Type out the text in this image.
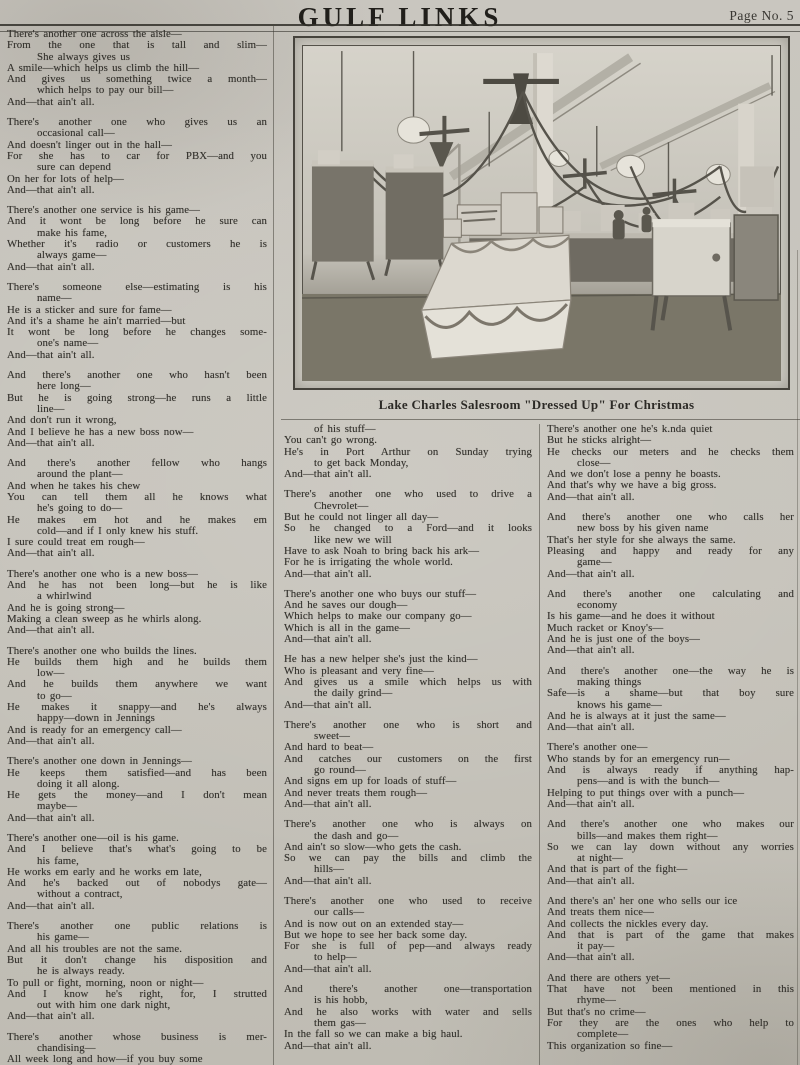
GULF LINKS	Page No. 5
Lake Charles Salesroom "Dressed Up" For Christmas
There's another one across the aisle—
From the one that is tall and slim—
She always gives us
A smile—which helps us climb the hill—
And gives us something twice a month—
which helps to pay our bill—
And—that ain't all.
There's another one who gives us an
occasional call—
And doesn't linger out in the hall—
For she has to car for PBX—and you
sure can depend
On her for lots of help—
And—that ain't all.
There's another one service is his game—
And it wont be long before he sure can
make his fame,
Whether it's radio or customers he is
always game—
And—that ain't all.
There's someone else—estimating is his
name—
He is a sticker and sure for fame—
And it's a shame he ain't married—but
It wont be long before he changes some-
one's name—
And—that ain't all.
And there's another one who hasn't been
here long—
But he is going strong—he runs a little
line—
And don't run it wrong,
And I believe he has a new boss now—
And—that ain't all.
And there's another fellow who hangs
around the plant—
And when he takes his chew
You can tell them all he knows what
he's going to do—
He makes em hot and he makes em
cold—and if I only knew his stuff.
I sure could treat em rough—
And—that ain't all.
There's another one who is a new boss—
And he has not been long—but he is like
a whirlwind
And he is going strong—
Making a clean sweep as he whirls along.
And—that ain't all.
There's another one who builds the lines.
He builds them high and he builds them
low—
And he builds them anywhere we want
to go—
He makes it snappy—and he's always
happy—down in Jennings
And is ready for an emergency call—
And—that ain't all.
There's another one down in Jennings—
He keeps them satisfied—and has been
doing it all along.
He gets the money—and I don't mean
maybe—
And—that ain't all.
There's another one—oil is his game.
And I believe that's what's going to be
his fame,
He works em early and he works em late,
And he's backed out of nobodys gate—
without a contract,
And—that ain't all.
There's another one public relations is
his game—
And all his troubles are not the same.
But it don't change his disposition and
he is always ready.
To pull or fight, morning, noon or night—
And I know he's right, for, I strutted
out with him one dark night,
And—that ain't all.
There's another whose business is mer-
chandising—
All week long and how—if you buy some
of his stuff—
You can't go wrong.
He's in Port Arthur on Sunday trying
to get back Monday,
And—that ain't all.
There's another one who used to drive a
Chevrolet—
But he could not linger all day—
So he changed to a Ford—and it looks
like new we will
Have to ask Noah to bring back his ark—
For he is irrigating the whole world.
And—that ain't all.
There's another one who buys our stuff—
And he saves our dough—
Which helps to make our company go—
Which is all in the game—
And—that ain't all.
He has a new helper she's just the kind—
Who is pleasant and very fine—
And gives us a smile which helps us with
the daily grind—
And—that ain't all.
There's another one who is short and
sweet—
And hard to beat—
And catches our customers on the first
go round—
And signs em up for loads of stuff—
And never treats them rough—
And—that ain't all.
There's another one who is always on
the dash and go—
And ain't so slow—who gets the cash.
So we can pay the bills and climb the
hills—
And—that ain't all.
There's another one who used to receive
our calls—
And is now out on an extended stay—
But we hope to see her back some day.
For she is full of pep—and always ready
to help—
And—that ain't all.
And there's another one—transportation
is his hobb,
And he also works with water and sells
them gas—
In the fall so we can make a big haul.
And—that ain't all.
There's another one he's k.nda quiet
But he sticks alright—
He checks our meters and he checks them
close—
And we don't lose a penny he boasts.
And that's why we have a big gross.
And—that ain't all.
And there's another one who calls her
new boss by his given name
That's her style for she always the same.
Pleasing and happy and ready for any
game—
And—that ain't all.
And there's another one calculating and
economy
Is his game—and he does it without
Much racket or Knoy's—
And he is just one of the boys—
And—that ain't all.
And there's another one—the way he is
making things
Safe—is a shame—but that boy sure
knows his game—
And he is always at it just the same—
And—that ain't all.
There's another one—
Who stands by for an emergency run—
And is always ready if anything hap-
pens—and is with the bunch—
Helping to put things over with a punch—
And—that ain't all.
And there's another one who makes our
bills—and makes them right—
So we can lay down without any worries
at night—
And that is part of the fight—
And—that ain't all.
And there's an' her one who sells our ice
And treats them nice—
And collects the nickles every day.
And that is part of the game that makes
it pay—
And—that ain't all.
And there are others yet—
That have not been mentioned in this
rhyme—
But that's no crime—
For they are the ones who help to
complete—
This organization so fine—
